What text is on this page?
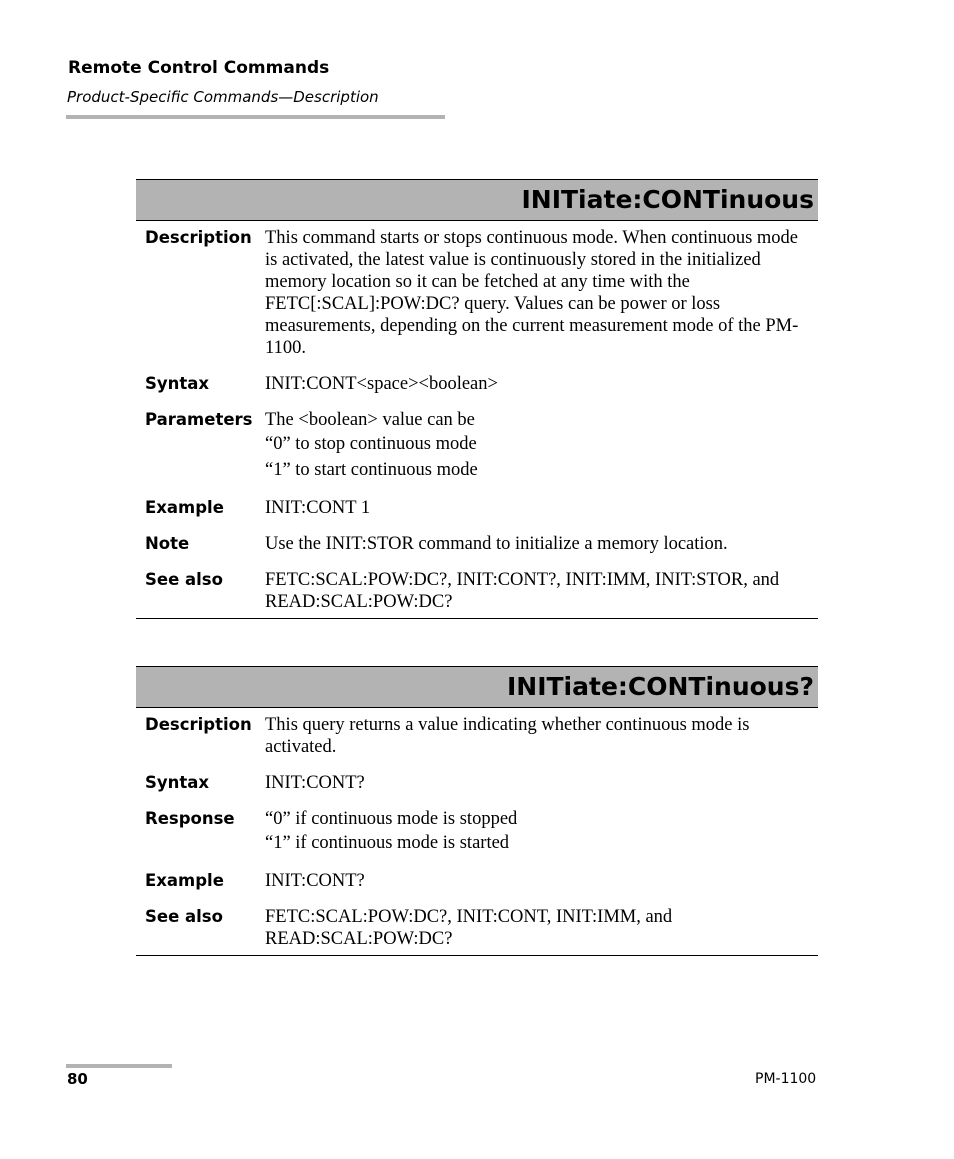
Remote Control Commands
Product-Specific Commands—Description
INITiate:CONTinuous
Description This command starts or stops continuous mode. When continuous mode is activated, the latest value is continuously stored in the initialized memory location so it can be fetched at any time with the FETC[:SCAL]:POW:DC? query. Values can be power or loss measurements, depending on the current measurement mode of the PM-1100.
Syntax	INIT:CONT<space><boolean>
Parameters The <boolean> value can be
“0” to stop continuous mode
“1” to start continuous mode
Example	INIT:CONT 1
Note	Use the INIT:STOR command to initialize a memory location.
See also	FETC:SCAL:POW:DC?, INIT:CONT?, INIT:IMM, INIT:STOR, and READ:SCAL:POW:DC?
INITiate:CONTinuous?
Description This query returns a value indicating whether continuous mode is activated.
Syntax	INIT:CONT?
Response	“0” if continuous mode is stopped
“1” if continuous mode is started
Example	INIT:CONT?
See also	FETC:SCAL:POW:DC?, INIT:CONT, INIT:IMM, and READ:SCAL:POW:DC?
80	PM-1100
